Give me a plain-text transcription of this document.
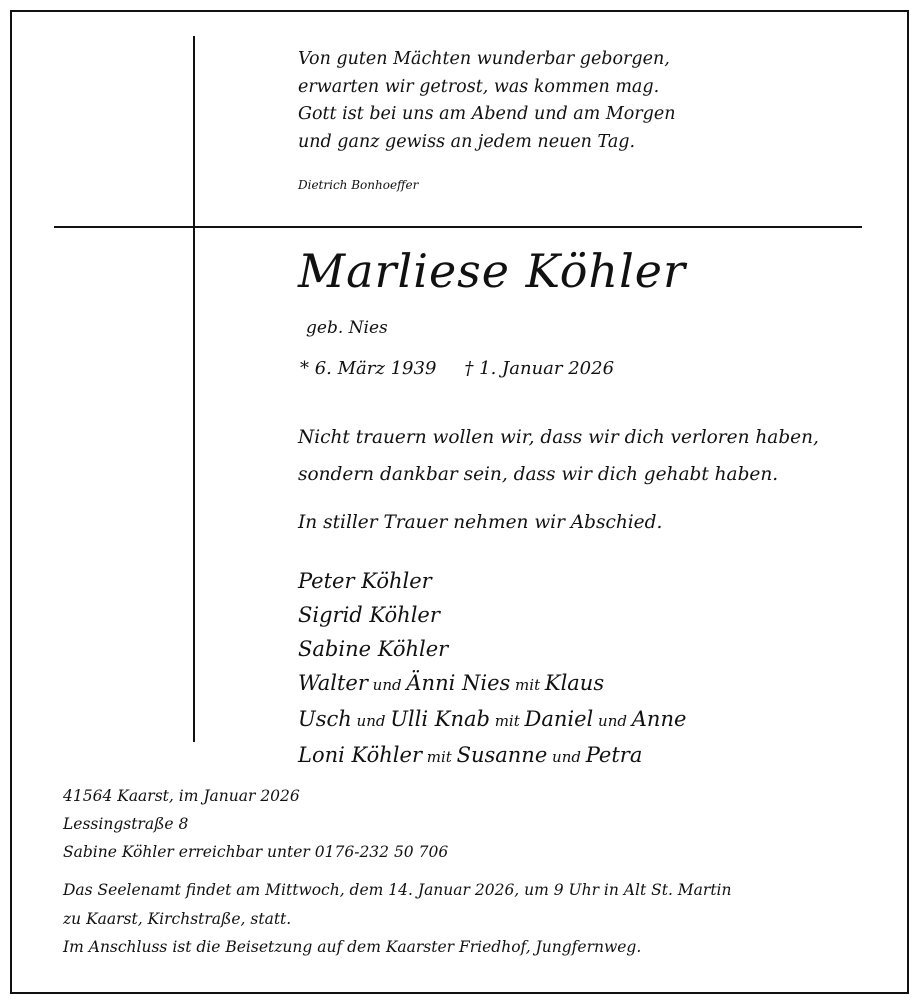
Von guten Mächten wunderbar geborgen,
erwarten wir getrost, was kommen mag.
Gott ist bei uns am Abend und am Morgen
und ganz gewiss an jedem neuen Tag.
Dietrich Bonhoeffer
Marliese Köhler
geb. Nies
* 6. März 1939 † 1. Januar 2026
Nicht trauern wollen wir, dass wir dich verloren haben,
sondern dankbar sein, dass wir dich gehabt haben.
In stiller Trauer nehmen wir Abschied.
Peter Köhler
Sigrid Köhler
Sabine Köhler
Walter und Änni Nies mit Klaus
Usch und Ulli Knab mit Daniel und Anne
Loni Köhler mit Susanne und Petra
41564 Kaarst, im Januar 2026
Lessingstraße 8
Sabine Köhler erreichbar unter 0176-232 50 706
Das Seelenamt findet am Mittwoch, dem 14. Januar 2026, um 9 Uhr in Alt St. Martin
zu Kaarst, Kirchstraße, statt.
Im Anschluss ist die Beisetzung auf dem Kaarster Friedhof, Jungfernweg.
